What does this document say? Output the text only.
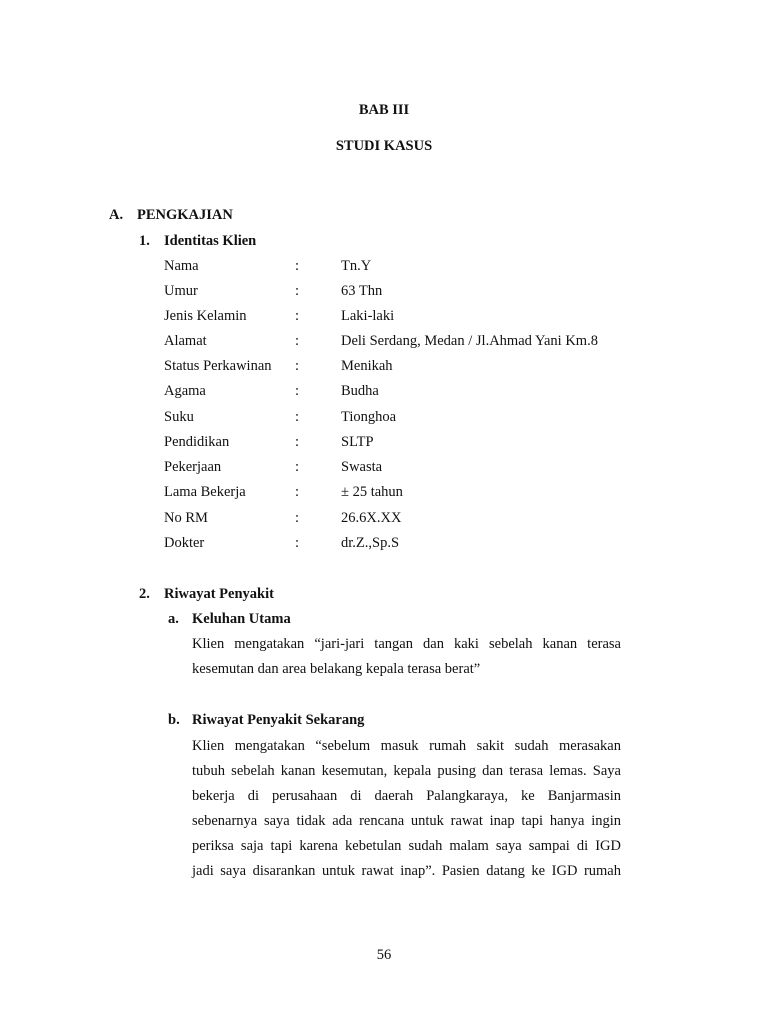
BAB III
STUDI KASUS
A. PENGKAJIAN
1. Identitas Klien
Nama	:	Tn.Y
Umur	:	63 Thn
Jenis Kelamin	:	Laki-laki
Alamat	:	Deli Serdang, Medan / Jl.Ahmad Yani Km.8
Status Perkawinan :	Menikah
Agama	:	Budha
Suku	:	Tionghoa
Pendidikan	:	SLTP
Pekerjaan	:	Swasta
Lama Bekerja	:	± 25 tahun
No RM	:	26.6X.XX
Dokter	:	dr.Z.,Sp.S
2. Riwayat Penyakit
a. Keluhan Utama
Klien mengatakan “jari-jari tangan dan kaki sebelah kanan terasa
kesemutan dan area belakang kepala terasa berat”
b. Riwayat Penyakit Sekarang
Klien mengatakan “sebelum masuk rumah sakit sudah merasakan
tubuh sebelah kanan kesemutan, kepala pusing dan terasa lemas. Saya
bekerja di perusahaan di daerah Palangkaraya, ke Banjarmasin
sebenarnya saya tidak ada rencana untuk rawat inap tapi hanya ingin
periksa saja tapi karena kebetulan sudah malam saya sampai di IGD
jadi saya disarankan untuk rawat inap”. Pasien datang ke IGD rumah
56
